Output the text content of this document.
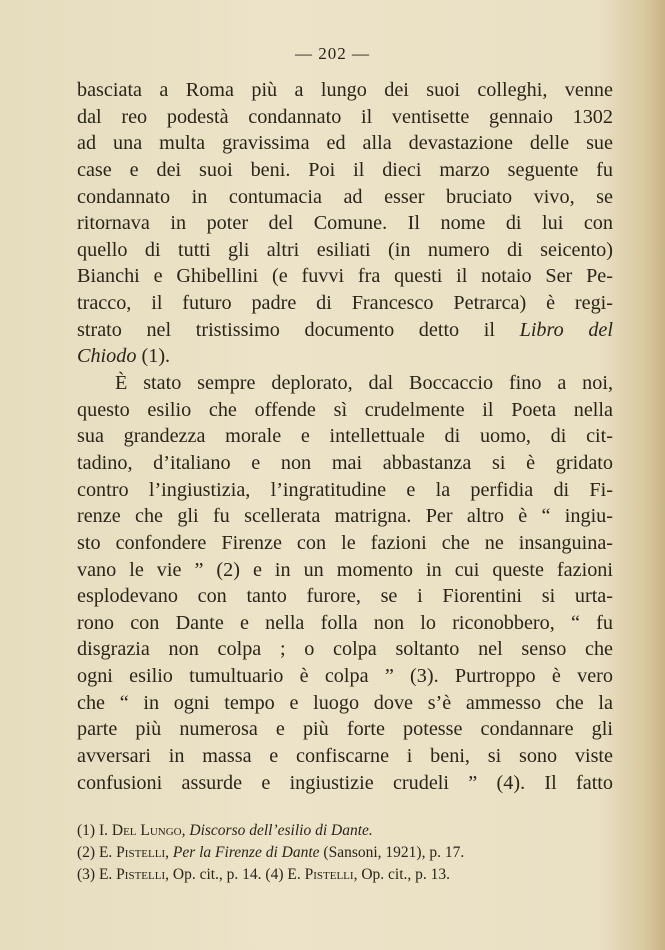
— 202 —
basciata a Roma più a lungo dei suoi colleghi, venne
dal reo podestà condannato il ventisette gennaio 1302
ad una multa gravissima ed alla devastazione delle sue
case e dei suoi beni. Poi il dieci marzo seguente fu
condannato in contumacia ad esser bruciato vivo, se
ritornava in poter del Comune. Il nome di lui con
quello di tutti gli altri esiliati (in numero di seicento)
Bianchi e Ghibellini (e fuvvi fra questi il notaio Ser Pe-
tracco, il futuro padre di Francesco Petrarca) è regi-
strato nel tristissimo documento detto il Libro del
Chiodo (1).
È stato sempre deplorato, dal Boccaccio fino a noi,
questo esilio che offende sì crudelmente il Poeta nella
sua grandezza morale e intellettuale di uomo, di cit-
tadino, d’italiano e non mai abbastanza si è gridato
contro l’ingiustizia, l’ingratitudine e la perfidia di Fi-
renze che gli fu scellerata matrigna. Per altro è “ ingiu-
sto confondere Firenze con le fazioni che ne insanguina-
vano le vie ” (2) e in un momento in cui queste fazioni
esplodevano con tanto furore, se i Fiorentini si urta-
rono con Dante e nella folla non lo riconobbero, “ fu
disgrazia non colpa ; o colpa soltanto nel senso che
ogni esilio tumultuario è colpa ” (3). Purtroppo è vero
che “ in ogni tempo e luogo dove s’è ammesso che la
parte più numerosa e più forte potesse condannare gli
avversari in massa e confiscarne i beni, si sono viste
confusioni assurde e ingiustizie crudeli ” (4). Il fatto
(1) I. Del Lungo, Discorso dell’esilio di Dante.
(2) E. Pistelli, Per la Firenze di Dante (Sansoni, 1921), p. 17.
(3) E. Pistelli, Op. cit., p. 14. (4) E. Pistelli, Op. cit., p. 13.
